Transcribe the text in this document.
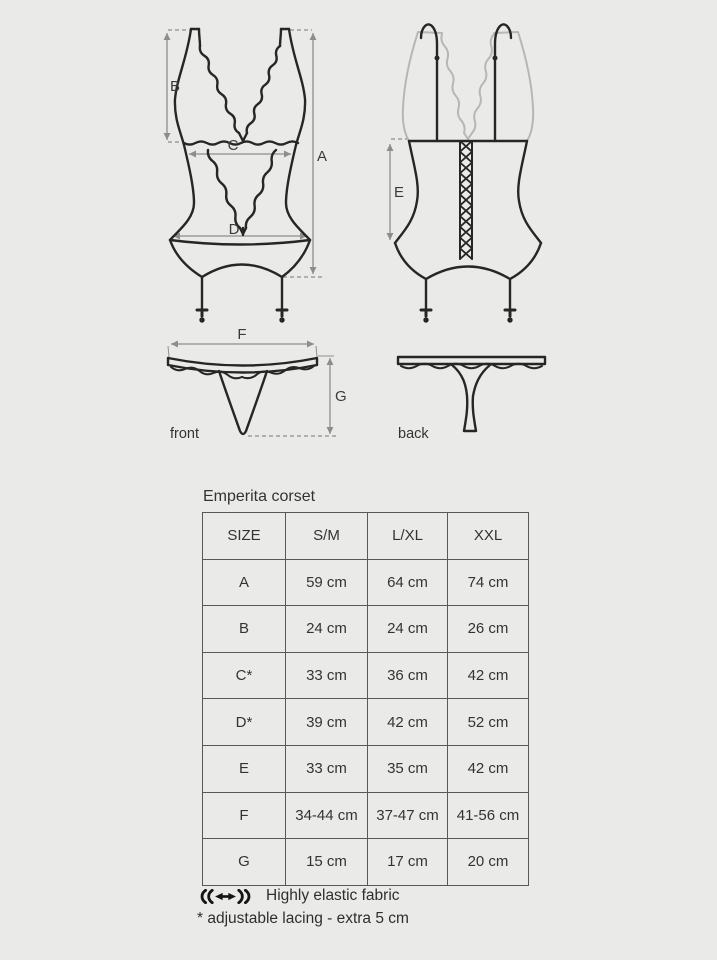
B
A
C
D
E
F
G
front	back
Emperita corset
SIZE	S/M	L/XL	XXL
A	59 cm	64 cm	74 cm
B	24 cm	24 cm	26 cm
C*	33 cm	36 cm	42 cm
D*	39 cm	42 cm	52 cm
E	33 cm	35 cm	42 cm
F	34-44 cm	37-47 cm	41-56 cm
G	15 cm	17 cm	20 cm
Highly elastic fabric
* adjustable lacing - extra 5 cm
